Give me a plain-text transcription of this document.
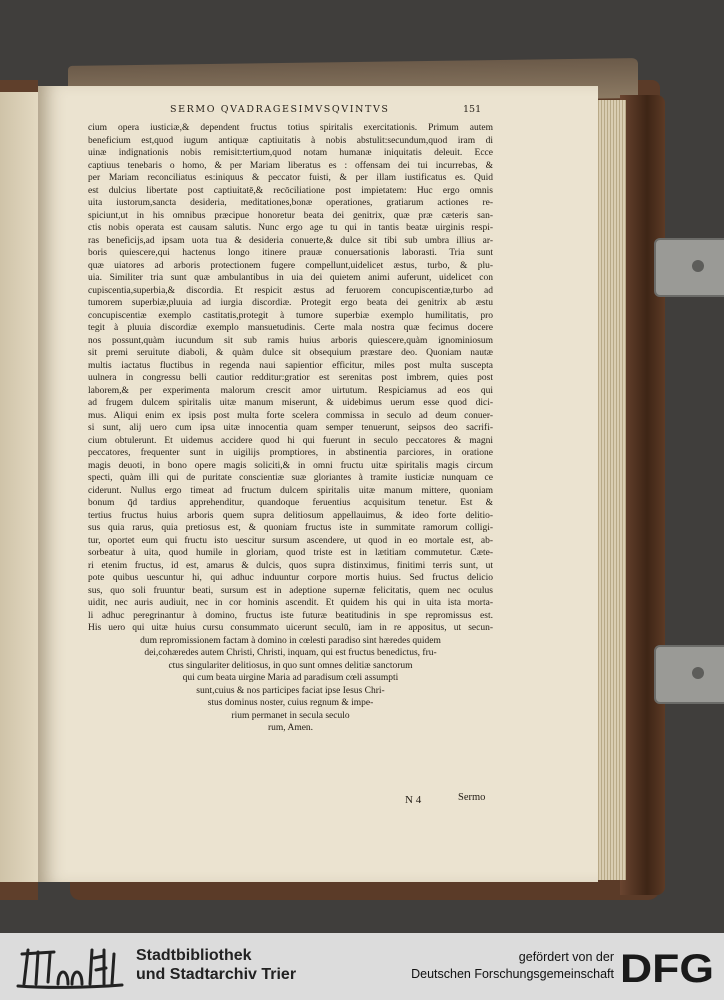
SERMO QVADRAGESIMVSQVINTVS	151
cium opera iusticiæ,& dependent fructus totius spiritalis exercitationis. Primum autem
beneficium est,quod iugum antiquæ captiuitatis à nobis abstulit:secundum,quod iram di
uinæ indignationis nobis remisit:tertium,quod notam humanæ iniquitatis deleuit. Ecce
captiuus tenebaris o homo, & per Mariam liberatus es : offensam dei tui incurrebas, &
per Mariam reconciliatus es:iniquus & peccator fuisti, & per illam iustificatus es. Quid
est dulcius libertate post captiuitatē,& recōciliatione post impietatem: Huc ergo omnis
uita iustorum,sancta desideria, meditationes,bonæ operationes, gratiarum actiones re-
spiciunt,ut in his omnibus præcipue honoretur beata dei genitrix, quæ præ cæteris san-
ctis nobis operata est causam salutis. Nunc ergo age tu qui in tantis beatæ uirginis respi-
ras beneficijs,ad ipsam uota tua & desideria conuerte,& dulce sit tibi sub umbra illius ar-
boris quiescere,qui hactenus longo itinere prauæ conuersationis laborasti. Tria sunt
quæ uiatores ad arboris protectionem fugere compellunt,uidelicet æstus, turbo, & plu-
uia. Similiter tria sunt quæ ambulantibus in uia dei quietem animi auferunt, uidelicet con
cupiscentia,superbia,& discordia. Et respicit æstus ad feruorem concupiscentiæ,turbo ad
tumorem superbiæ,pluuia ad iurgia discordiæ. Protegit ergo beata dei genitrix ab æstu
concupiscentiæ exemplo castitatis,protegit à tumore superbiæ exemplo humilitatis, pro
tegit à pluuia discordiæ exemplo mansuetudinis. Certe mala nostra quæ fecimus docere
nos possunt,quàm iucundum sit sub ramis huius arboris quiescere,quàm ignominiosum
sit premi seruitute diaboli, & quàm dulce sit obsequium præstare deo. Quoniam nautæ
multis iactatus fluctibus in regenda naui sapientior efficitur, miles post multa suscepta
uulnera in congressu belli cautior redditur:gratior est serenitas post imbrem, quies post
laborem,& per experimenta malorum crescit amor uirtutum. Respiciamus ad eos qui
ad frugem dulcem spiritalis uitæ manum miserunt, & uidebimus uerum esse quod dici-
mus. Aliqui enim ex ipsis post multa forte scelera commissa in seculo ad deum conuer-
si sunt, alij uero cum ipsa uitæ innocentia quam semper tenuerunt, seipsos deo sacrifi-
cium obtulerunt. Et uidemus accidere quod hi qui fuerunt in seculo peccatores & magni
peccatores, frequenter sunt in uigilijs promptiores, in abstinentia parciores, in oratione
magis deuoti, in bono opere magis soliciti,& in omni fructu uitæ spiritalis magis circum
specti, quàm illi qui de puritate conscientiæ suæ gloriantes à tramite iusticiæ nunquam ce
ciderunt. Nullus ergo timeat ad fructum dulcem spiritalis uitæ manum mittere, quoniam
bonum q̄d tardius apprehenditur, quandoque feruentius acquisitum tenetur. Est &
tertius fructus huius arboris quem supra delitiosum appellauimus, & ideo forte delitio-
sus quia rarus, quia pretiosus est, & quoniam fructus iste in summitate ramorum colligi-
tur, oportet eum qui fructu isto uescitur sursum ascendere, ut quod in eo mortale est, ab-
sorbeatur à uita, quod humile in gloriam, quod triste est in lætitiam commutetur. Cæte-
ri etenim fructus, id est, amarus & dulcis, quos supra distinximus, finitimi terris sunt, ut
pote quibus uescuntur hi, qui adhuc induuntur corpore mortis huius. Sed fructus delicio
sus, quo soli fruuntur beati, sursum est in adeptione supernæ felicitatis, quem nec oculus
uidit, nec auris audiuit, nec in cor hominis ascendit. Et quidem his qui in uita ista morta-
li adhuc peregrinantur à domino, fructus iste futuræ beatitudinis in spe repromissus est.
His uero qui uitæ huius cursu consummato uicerunt seculū, iam in re appositus, ut secun-
dum repromissionem factam à domino in cœlesti paradiso sint hæredes quidem
dei,cohæredes autem Christi, Christi, inquam, qui est fructus benedictus, fru-
ctus singulariter delitiosus, in quo sunt omnes delitiæ sanctorum
qui cum beata uirgine Maria ad paradisum cœli assumpti
sunt,cuius & nos participes faciat ipse Iesus Chri-
stus dominus noster, cuius regnum & impe-
rium permanet in secula seculo
rum, Amen.
N 4	Sermo
Stadtbibliothek
und Stadtarchiv Trier
gefördert von der
Deutschen Forschungsgemeinschaft DFG
